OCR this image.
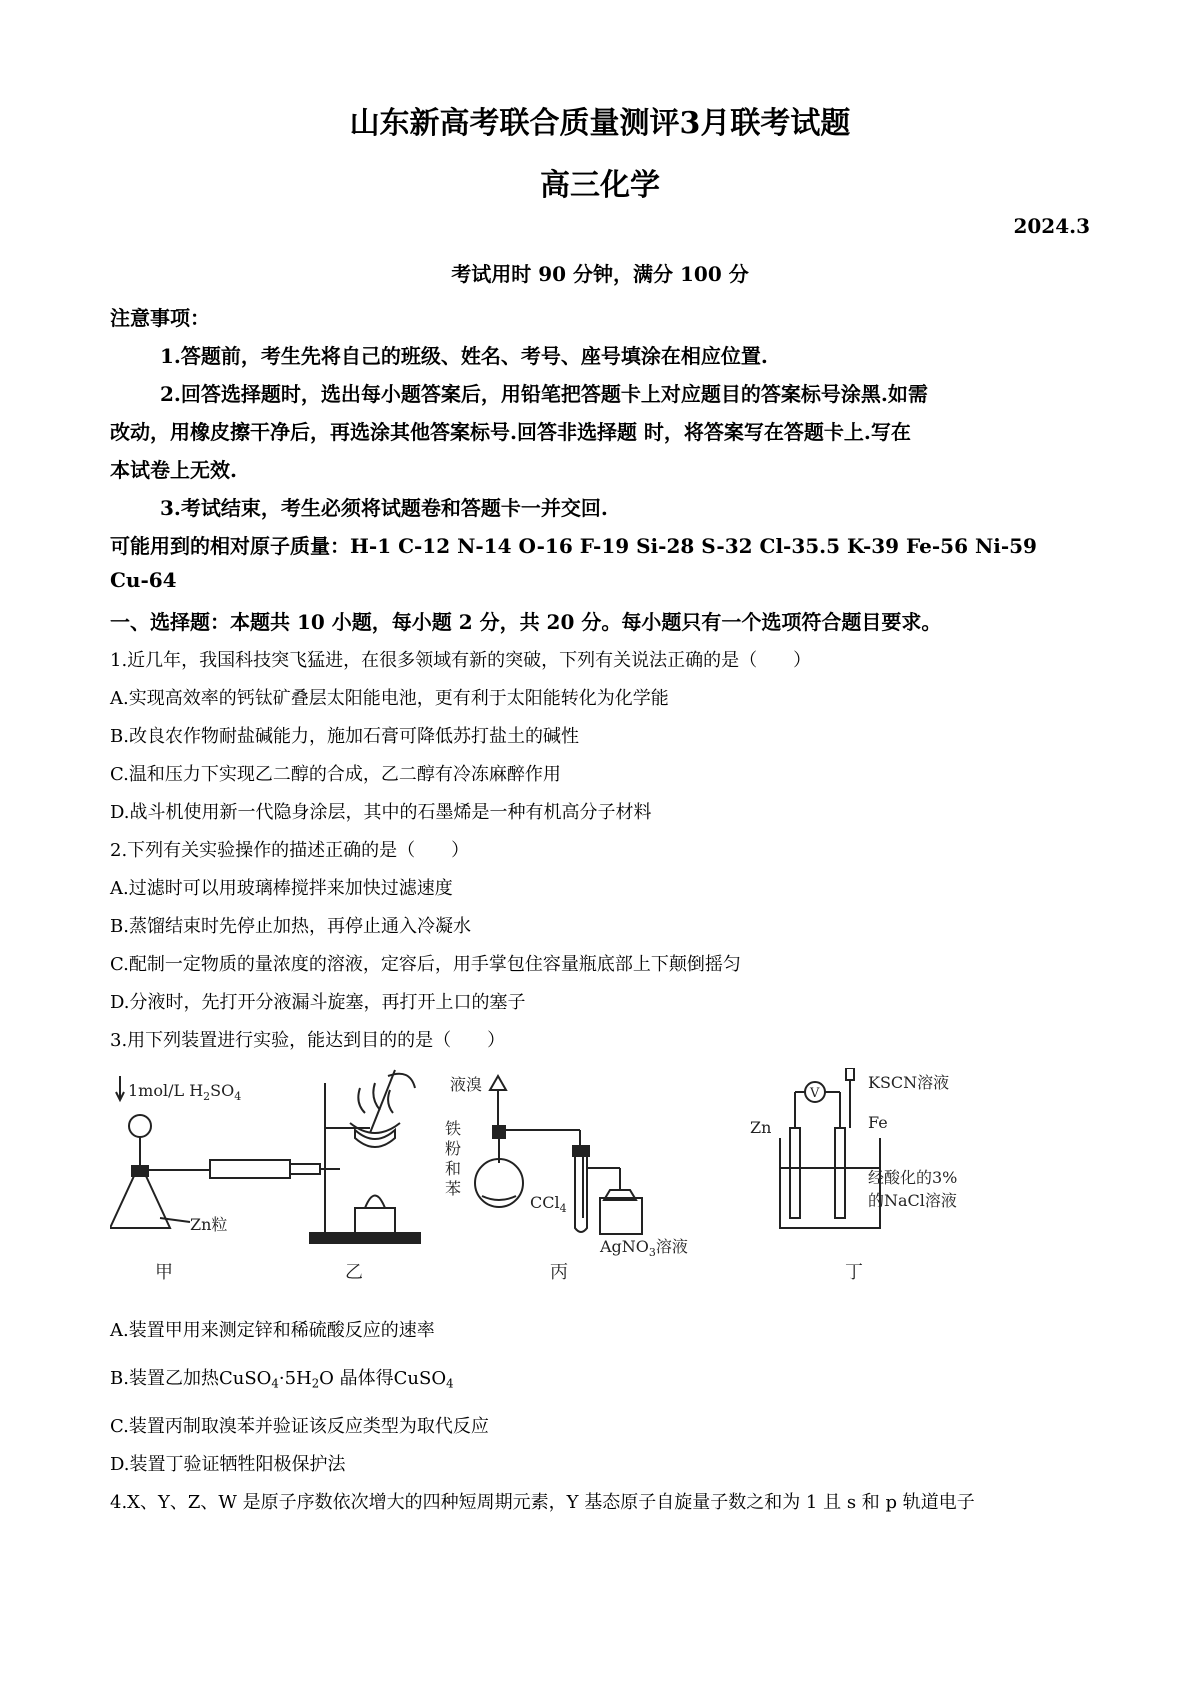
山东新高考联合质量测评3月联考试题
高三化学
2024.3
考试用时 90 分钟，满分 100 分
注意事项：
1.答题前，考生先将自己的班级、姓名、考号、座号填涂在相应位置.
2.回答选择题时，选出每小题答案后，用铅笔把答题卡上对应题目的答案标号涂黑.如需
改动，用橡皮擦干净后，再选涂其他答案标号.回答非选择题 时，将答案写在答题卡上.写在
本试卷上无效.
3.考试结束，考生必须将试题卷和答题卡一并交回.
可能用到的相对原子质量：H-1 C-12 N-14 O-16 F-19 Si-28 S-32 Cl-35.5 K-39 Fe-56 Ni-59
Cu-64
一、选择题：本题共 10 小题，每小题 2 分，共 20 分。每小题只有一个选项符合题目要求。
1.近几年，我国科技突飞猛进，在很多领域有新的突破，下列有关说法正确的是（　　）
A.实现高效率的钙钛矿叠层太阳能电池，更有利于太阳能转化为化学能
B.改良农作物耐盐碱能力，施加石膏可降低苏打盐土的碱性
C.温和压力下实现乙二醇的合成，乙二醇有冷冻麻醉作用
D.战斗机使用新一代隐身涂层，其中的石墨烯是一种有机高分子材料
2.下列有关实验操作的描述正确的是（　　）
A.过滤时可以用玻璃棒搅拌来加快过滤速度
B.蒸馏结束时先停止加热，再停止通入冷凝水
C.配制一定物质的量浓度的溶液，定容后，用手掌包住容量瓶底部上下颠倒摇匀
D.分液时，先打开分液漏斗旋塞，再打开上口的塞子
3.用下列装置进行实验，能达到目的的是（　　）
1mol/L $H_2SO_4$
Zn粒
甲	乙
液溴
铁
粉
和
苯
CCl$_4$
AgNO$_3$溶液
丙
V
KSCN溶液
Zn	Fe
经酸化的3%
的NaCl溶液
丁
A.装置甲用来测定锌和稀硫酸反应的速率
B.装置乙加热$CuSO_4\cdot 5H_2O$ 晶体得CuSO$_4$
C.装置丙制取溴苯并验证该反应类型为取代反应
D.装置丁验证牺牲阳极保护法
4.X、Y、Z、W 是原子序数依次增大的四种短周期元素，Y 基态原子自旋量子数之和为 1 且 s 和 p 轨道电子
